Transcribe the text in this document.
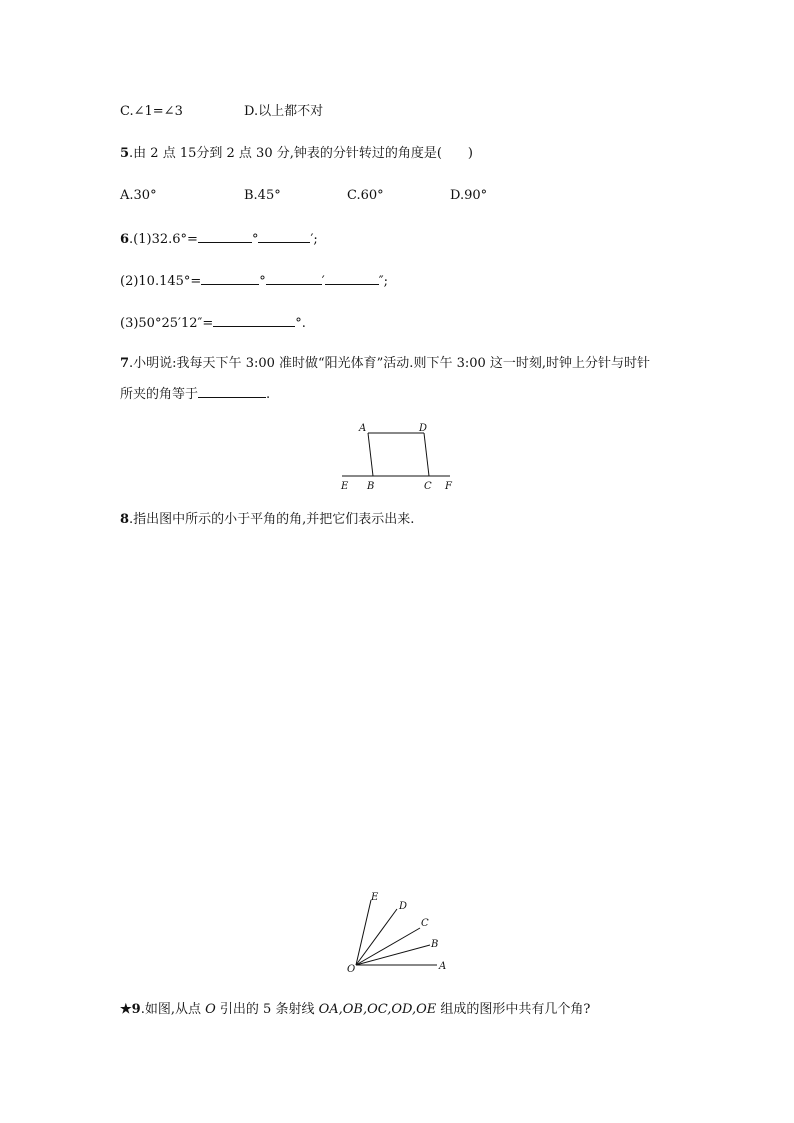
C.∠1=∠3	D.以上都不对
5.由 2 点 15分到 2 点 30 分,钟表的分针转过的角度是(　　)
A.30°	B.45°	C.60°	D.90°
6.(1)32.6°=	°	′;
(2)10.145°=	°	′	″;
(3)50°25′12″=	°.
7.小明说:我每天下午 3:00 准时做“阳光体育”活动.则下午 3:00 这一时刻,时钟上分针与时针
所夹的角等于	.
A	D
E B	C F
8.指出图中所示的小于平角的角,并把它们表示出来.
O	A
B
C
D
E
★9.如图,从点 O 引出的 5 条射线 OA,OB,OC,OD,OE 组成的图形中共有几个角?
